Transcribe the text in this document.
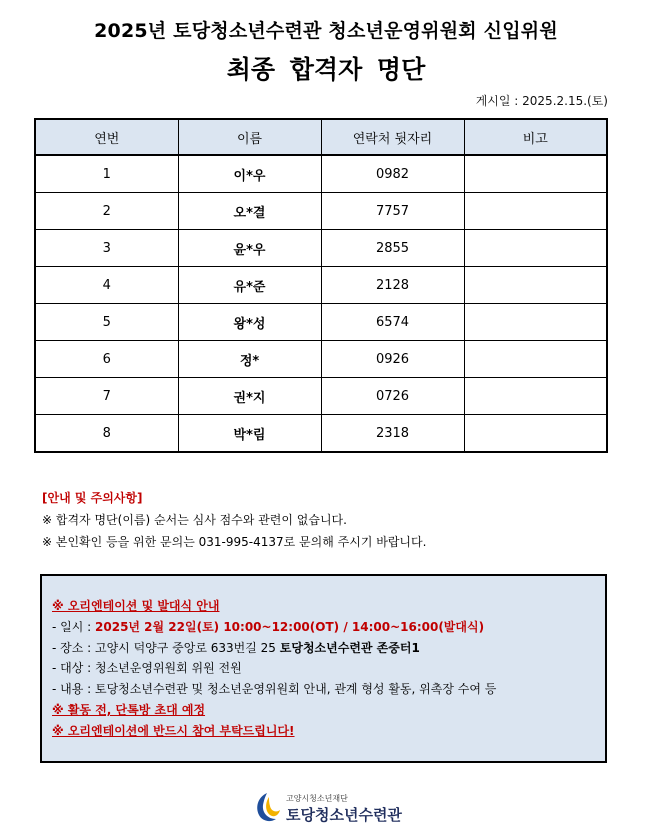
2025년 토당청소년수련관 청소년운영위원회 신입위원
최종 합격자 명단
게시일 : 2025.2.15.(토)
연번	이름	연락처 뒷자리	비고
1	이*우	0982	
2	오*결	7757	
3	윤*우	2855	
4	유*준	2128	
5	왕*성	6574	
6	정*	0926	
7	권*지	0726	
8	박*림	2318	
[안내 및 주의사항]
※ 합격자 명단(이름) 순서는 심사 점수와 관련이 없습니다.
※ 본인확인 등을 위한 문의는 031-995-4137로 문의해 주시기 바랍니다.
※ 오리엔테이션 및 발대식 안내
- 일시 : 2025년 2월 22일(토) 10:00~12:00(OT) / 14:00~16:00(발대식)
- 장소 : 고양시 덕양구 중앙로 633번길 25 토당청소년수련관 존중터1
- 대상 : 청소년운영위원회 위원 전원
- 내용 : 토당청소년수련관 및 청소년운영위원회 안내, 관계 형성 활동, 위촉장 수여 등
※ 활동 전, 단톡방 초대 예정
※ 오리엔테이션에 반드시 참여 부탁드립니다!
고양시청소년재단
토당청소년수련관
